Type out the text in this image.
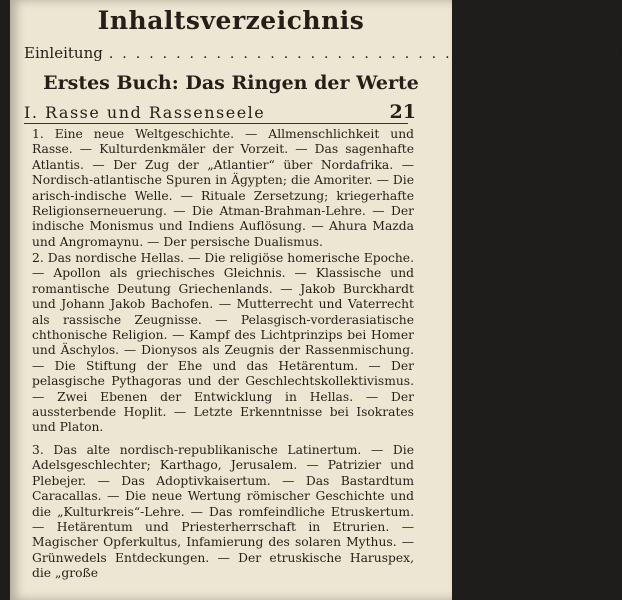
Inhaltsverzeichnis
Einleitung ..................................... 1
Erstes Buch: Das Ringen der Werte
I. Rasse und Rassenseele	21

1. Eine neue Weltgeschichte. — Allmenschlichkeit und Rasse. — Kulturdenkmäler der Vorzeit. — Das sagenhafte Atlantis. — Der Zug der „Atlantier“ über Nordafrika. — Nordisch-atlantische Spuren in Ägypten; die Amoriter. — Die arisch-indische Welle. — Rituale Zersetzung; kriegerhafte Religionserneuerung. — Die Atman-Brahman-Lehre. — Der indische Monismus und Indiens Auflösung. — Ahura Mazda und Angromaynu. — Der persische Dualismus.

2. Das nordische Hellas. — Die religiöse homerische Epoche. — Apollon als griechisches Gleichnis. — Klassische und romantische Deutung Griechenlands. — Jakob Burckhardt und Johann Jakob Bachofen. — Mutterrecht und Vaterrecht als rassische Zeugnisse. — Pelasgisch-vorderasiatische chthonische Religion. — Kampf des Lichtprinzips bei Homer und Äschylos. — Dionysos als Zeugnis der Rassenmischung. — Die Stiftung der Ehe und das Hetärentum. — Der pelasgische Pythagoras und der Geschlechtskollektivismus. — Zwei Ebenen der Entwicklung in Hellas. — Der aussterbende Hoplit. — Letzte Erkenntnisse bei Isokrates und Platon.

3. Das alte nordisch-republikanische Latinertum. — Die Adelsgeschlechter; Karthago, Jerusalem. — Patrizier und Plebejer. — Das Adoptivkaisertum. — Das Bastardtum Caracallas. — Die neue Wertung römischer Geschichte und die „Kulturkreis“-Lehre. — Das romfeindliche Etruskertum. — Hetärentum und Priesterherrschaft in Etrurien. — Magischer Opferkultus, Infamierung des solaren Mythus. — Grünwedels Entdeckungen. — Der etruskische Haruspex, die „große
